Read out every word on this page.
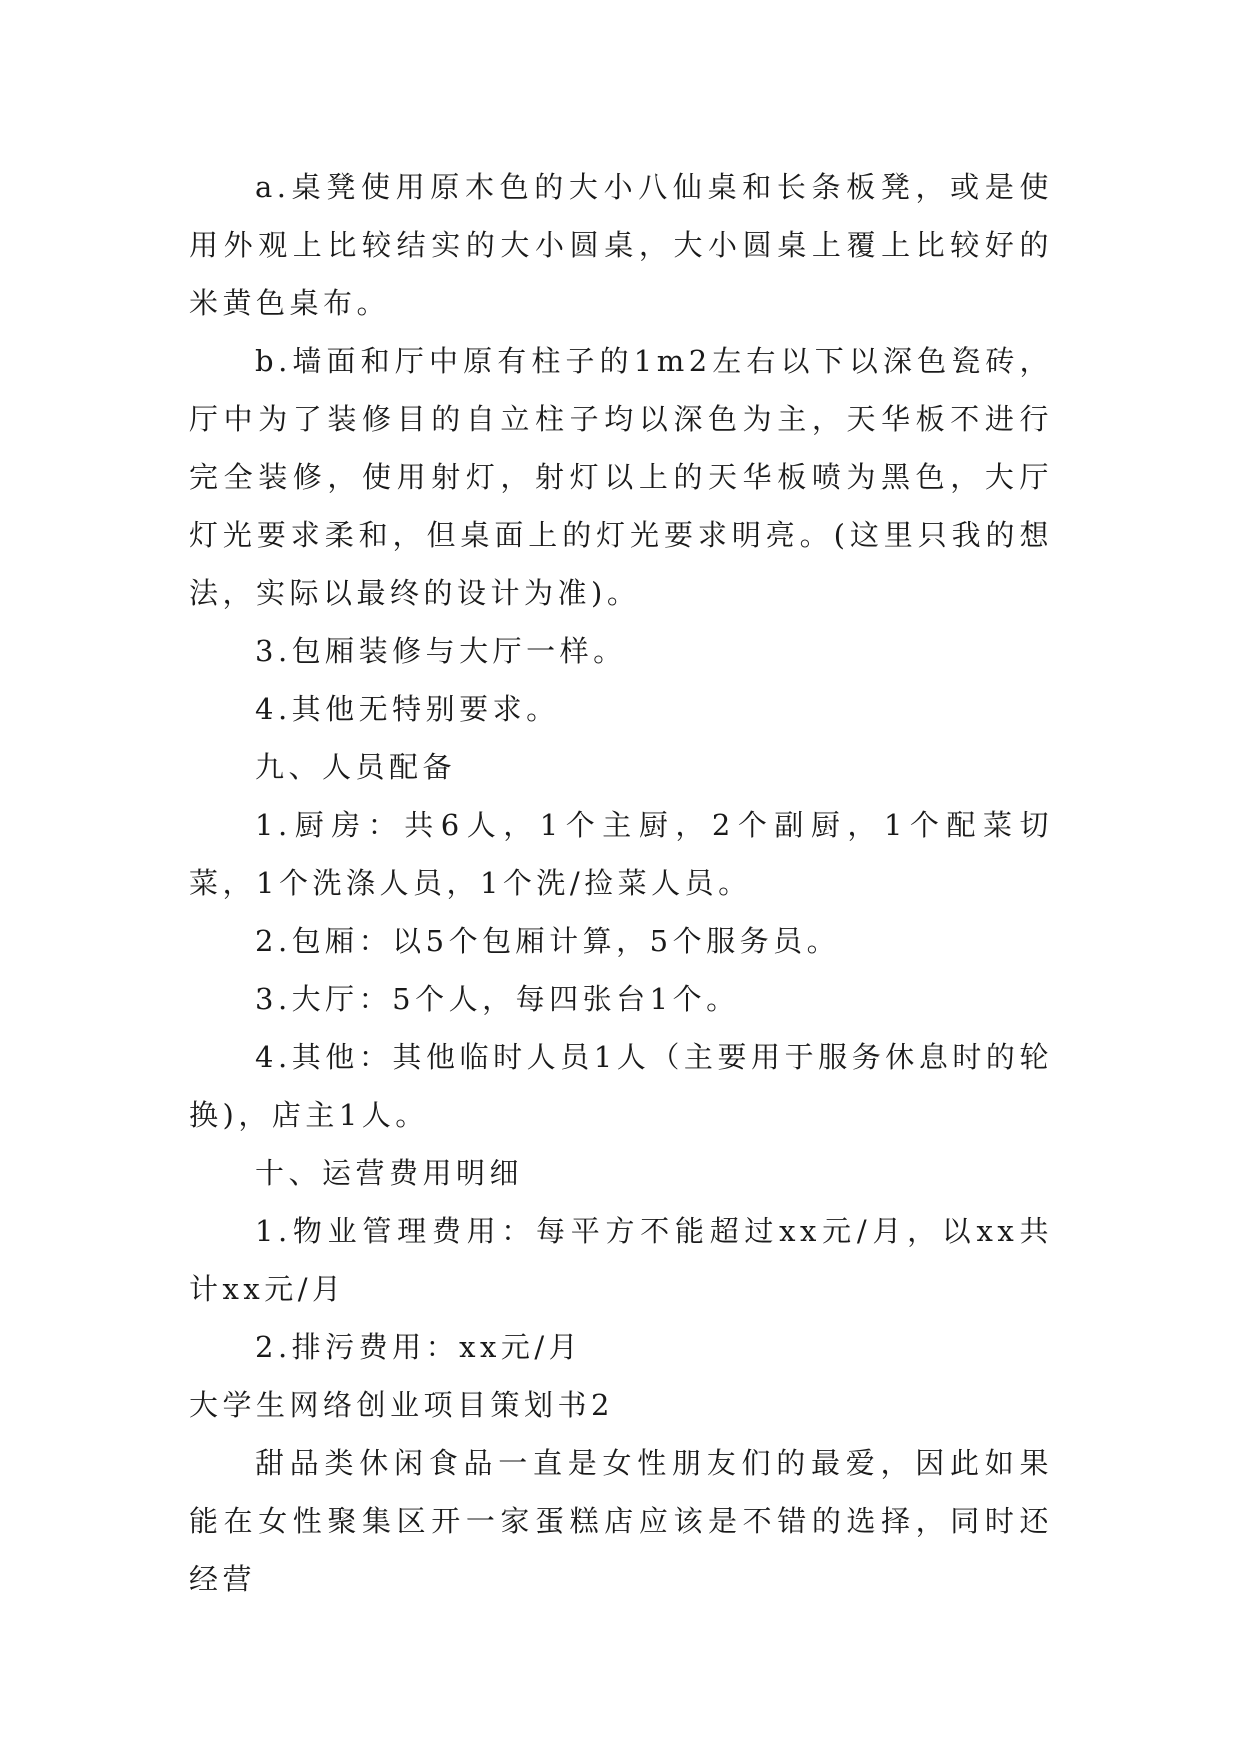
a.桌凳使用原木色的大小八仙桌和长条板凳，或是使用外观上比较结实的大小圆桌，大小圆桌上覆上比较好的米黄色桌布。

b.墙面和厅中原有柱子的1m2左右以下以深色瓷砖，厅中为了装修目的自立柱子均以深色为主，天华板不进行完全装修，使用射灯，射灯以上的天华板喷为黑色，大厅灯光要求柔和，但桌面上的灯光要求明亮。(这里只我的想法，实际以最终的设计为准)。

3.包厢装修与大厅一样。

4.其他无特别要求。

九、人员配备

1.厨房：共6人，1个主厨，2个副厨，1个配菜切菜，1个洗涤人员，1个洗/捡菜人员。

2.包厢：以5个包厢计算，5个服务员。

3.大厅：5个人，每四张台1个。

4.其他：其他临时人员1人（主要用于服务休息时的轮换)，店主1人。

十、运营费用明细

1.物业管理费用：每平方不能超过xx元/月，以xx共计xx元/月

2.排污费用：xx元/月

大学生网络创业项目策划书2

甜品类休闲食品一直是女性朋友们的最爱，因此如果能在女性聚集区开一家蛋糕店应该是不错的选择，同时还经营
